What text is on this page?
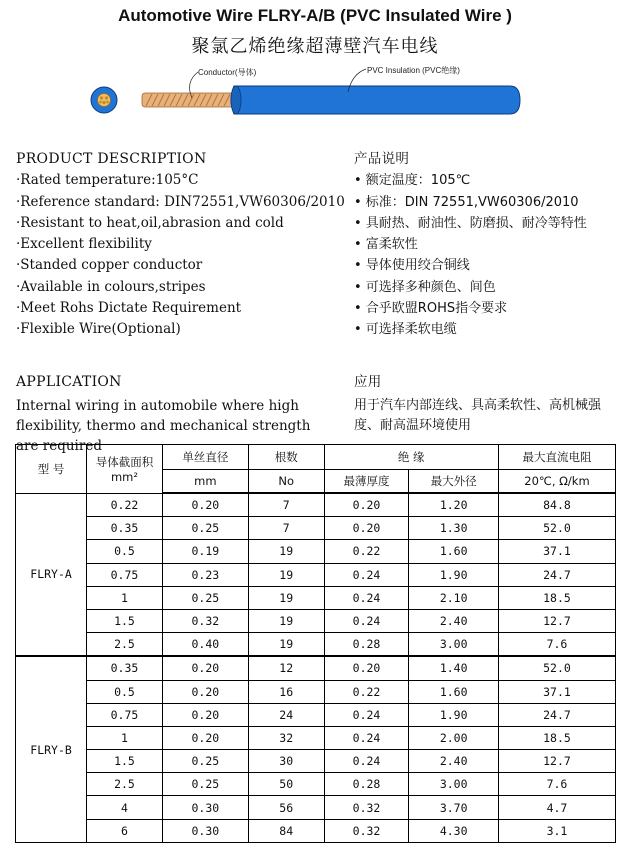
Automotive Wire FLRY-A/B (PVC Insulated Wire )
聚氯乙烯绝缘超薄壁汽车电线
Conductor(导体)	PVC Insulation (PVC绝缘)
PRODUCT DESCRIPTION
·Rated temperature:105°C
·Reference standard: DIN72551,VW60306/2010
·Resistant to heat,oil,abrasion and cold
·Excellent flexibility
·Standed copper conductor
·Available in colours,stripes
·Meet Rohs Dictate Requirement
·Flexible Wire(Optional)
产品说明
• 额定温度：105℃
• 标准：DIN 72551,VW60306/2010
• 具耐热、耐油性、防磨损、耐冷等特性
• 富柔软性
• 导体使用绞合铜线
• 可选择多种颜色、间色
• 合乎欧盟ROHS指令要求
• 可选择柔软电缆
APPLICATION	应用
Internal wiring in automobile where high flexibility, thermo and mechanical strength are required
用于汽车内部连线、具高柔软性、高机械强度、耐高温环境使用
型 号	导体截面积mm²	单丝直径	根数	绝 缘		最大直流电阻
		mm	No	最薄厚度	最大外径	20℃, Ω/km
FLRY-A	0.22	0.20	7	0.20	1.20	84.8
	0.35	0.25	7	0.20	1.30	52.0
	0.5	0.19	19	0.22	1.60	37.1
	0.75	0.23	19	0.24	1.90	24.7
	1	0.25	19	0.24	2.10	18.5
	1.5	0.32	19	0.24	2.40	12.7
	2.5	0.40	19	0.28	3.00	7.6
FLRY-B	0.35	0.20	12	0.20	1.40	52.0
	0.5	0.20	16	0.22	1.60	37.1
	0.75	0.20	24	0.24	1.90	24.7
	1	0.20	32	0.24	2.00	18.5
	1.5	0.25	30	0.24	2.40	12.7
	2.5	0.25	50	0.28	3.00	7.6
	4	0.30	56	0.32	3.70	4.7
	6	0.30	84	0.32	4.30	3.1
